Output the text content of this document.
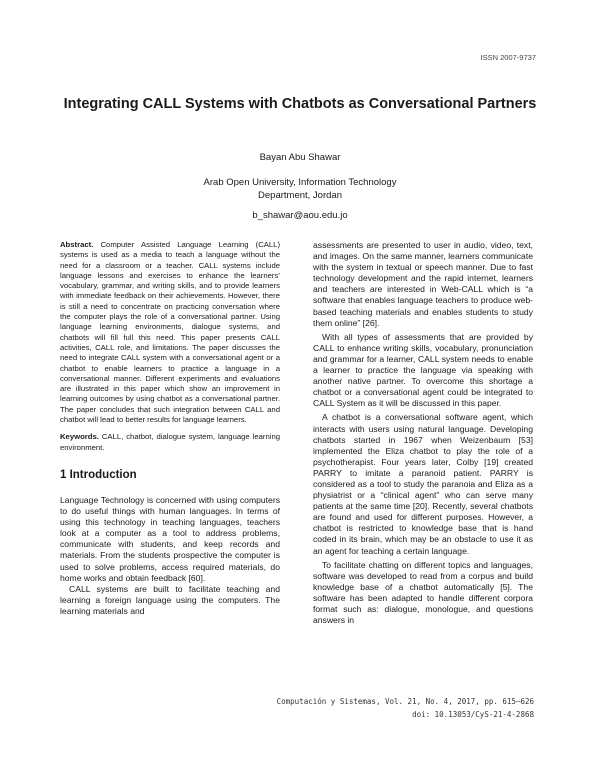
ISSN 2007-9737
Integrating CALL Systems with Chatbots as Conversational Partners
Bayan Abu Shawar
Arab Open University, Information Technology Department, Jordan
b_shawar@aou.edu.jo

Abstract. Computer Assisted Language Learning (CALL) systems is used as a media to teach a language without the need for a classroom or a teacher. CALL systems include language lessons and exercises to enhance the learners’ vocabulary, grammar, and writing skills, and to provide learners with immediate feedback on their achievements. However, there is still a need to concentrate on practicing conversation where the computer plays the role of a conversational partner. Using language learning environments, dialogue systems, and chatbots will fill full this need. This paper presents CALL activities, CALL role, and limitations. The paper discusses the need to integrate CALL system with a conversational agent or a chatbot to enable learners to practice a language in a conversational manner. Different experiments and evaluations are illustrated in this paper which show an improvement in learning outcomes by using chatbot as a conversational partner. The paper concludes that such integration between CALL and chatbot will lead to better results for language learners.

Keywords. CALL, chatbot, dialogue system, language learning environment.

1 Introduction

Language Technology is concerned with using computers to do useful things with human languages. In terms of using this technology in teaching languages, teachers look at a computer as a tool to address problems, communicate with students, and keep records and materials. From the students prospective the computer is used to solve problems, access required materials, do home works and obtain feedback [60].

CALL systems are built to facilitate teaching and learning a foreign language using the computers. The learning materials and

assessments are presented to user in audio, video, text, and images. On the same manner, learners communicate with the system in textual or speech manner. Due to fast technology development and the rapid internet, learners and teachers are interested in Web-CALL which is “a software that enables language teachers to produce web-based teaching materials and enables students to study them online” [26].

With all types of assessments that are provided by CALL to enhance writing skills, vocabulary, pronunciation and grammar for a learner, CALL system needs to enable a learner to practice the language via speaking with another native partner. To overcome this shortage a chatbot or a conversational agent could be integrated to CALL System as it will be discussed in this paper.

A chatbot is a conversational software agent, which interacts with users using natural language. Developing chatbots started in 1967 when Weizenbaum [53] implemented the Eliza chatbot to play the role of a psychotherapist. Four years later, Colby [19] created PARRY to imitate a paranoid patient. PARRY is considered as a tool to study the paranoia and Eliza as a physiatrist or a “clinical agent” who can serve many patients at the same time [20]. Recently, several chatbots are found and used for different purposes. However, a chatbot is restricted to knowledge base that is hand coded in its brain, which may be an obstacle to use it as an agent for teaching a certain language.

To facilitate chatting on different topics and languages, software was developed to read from a corpus and build knowledge base of a chatbot automatically [5]. The software has been adapted to handle different corpora format such as: dialogue, monologue, and questions answers in

Computación y Sistemas, Vol. 21, No. 4, 2017, pp. 615–626
doi: 10.13053/CyS-21-4-2868
